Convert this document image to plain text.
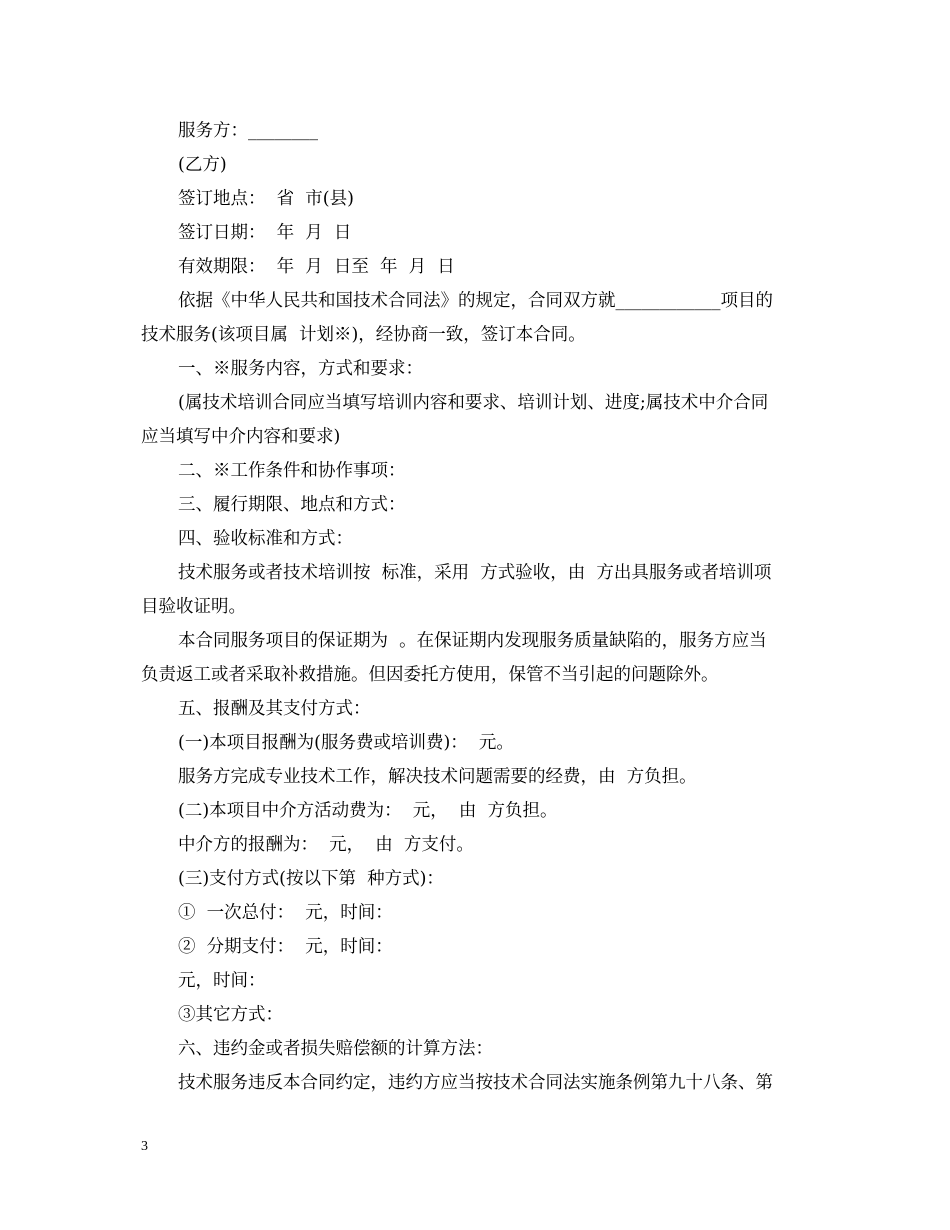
服务方：________
(乙方)
签订地点：  省  市(县)
签订日期：  年  月  日
有效期限：  年  月  日至  年  月  日
依据《中华人民共和国技术合同法》的规定，合同双方就____________项目的
技术服务(该项目属  计划※)，经协商一致，签订本合同。
一、※服务内容，方式和要求：
(属技术培训合同应当填写培训内容和要求、培训计划、进度;属技术中介合同
应当填写中介内容和要求)
二、※工作条件和协作事项：
三、履行期限、地点和方式：
四、验收标准和方式：
技术服务或者技术培训按  标准，采用  方式验收，由  方出具服务或者培训项
目验收证明。
本合同服务项目的保证期为  。在保证期内发现服务质量缺陷的，服务方应当
负责返工或者采取补救措施。但因委托方使用，保管不当引起的问题除外。
五、报酬及其支付方式：
(一)本项目报酬为(服务费或培训费)：  元。
服务方完成专业技术工作，解决技术问题需要的经费，由  方负担。
(二)本项目中介方活动费为：  元，  由  方负担。
中介方的报酬为：  元，  由  方支付。
(三)支付方式(按以下第  种方式)：
①  一次总付：  元，时间：
②  分期支付：  元，时间：
元，时间：
③其它方式：
六、违约金或者损失赔偿额的计算方法：
技术服务违反本合同约定，违约方应当按技术合同法实施条例第九十八条、第
3
